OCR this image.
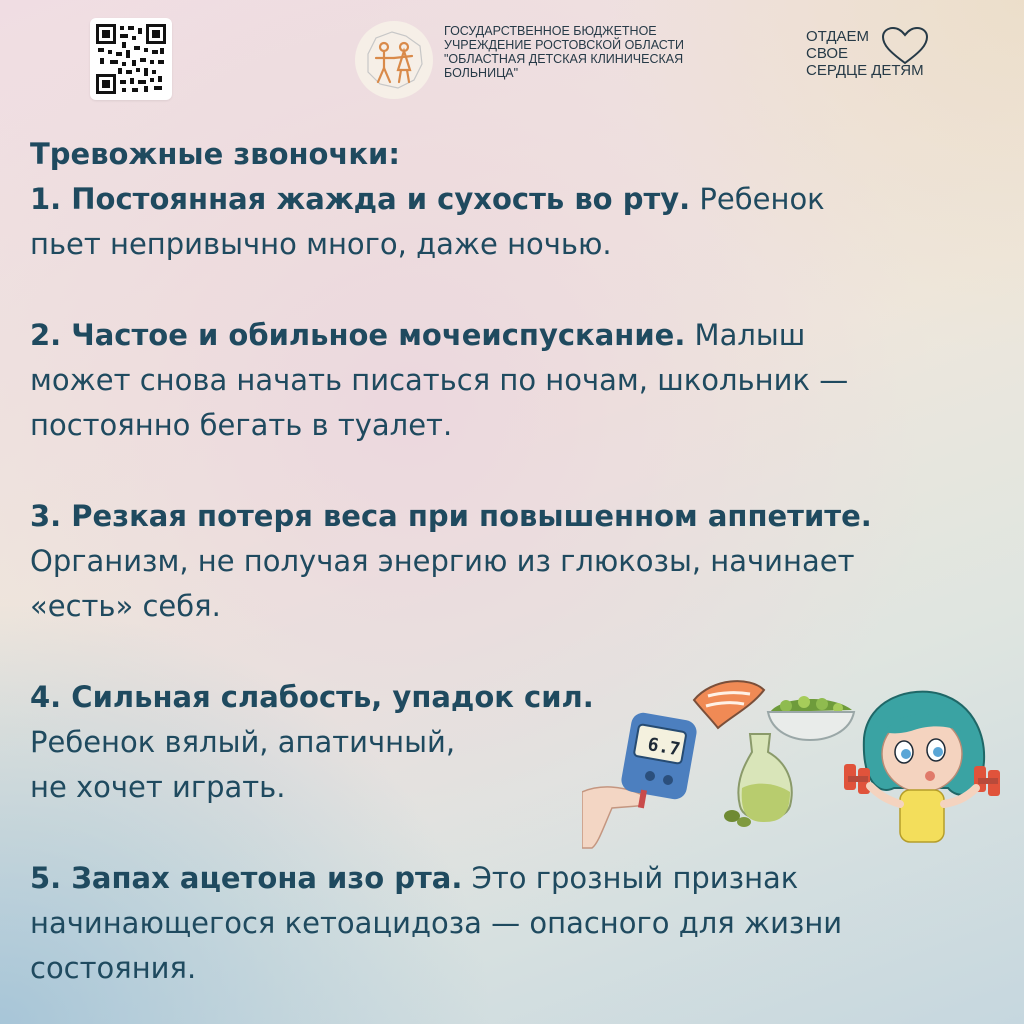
ГОСУДАРСТВЕННОЕ БЮДЖЕТНОЕ
УЧРЕЖДЕНИЕ РОСТОВСКОЙ ОБЛАСТИ
"ОБЛАСТНАЯ ДЕТСКАЯ КЛИНИЧЕСКАЯ
БОЛЬНИЦА"
ОТДАЕМ
СВОЕ
СЕРДЦЕ ДЕТЯМ

Тревожные звоночки:

1. Постоянная жажда и сухость во рту. Ребенок

пьет непривычно много, даже ночью.

2. Частое и обильное мочеиспускание. Малыш

может снова начать писаться по ночам, школьник —

постоянно бегать в туалет.

3. Резкая потеря веса при повышенном аппетите.

Организм, не получая энергию из глюкозы, начинает

«есть» себя.

4. Сильная слабость, упадок сил.

Ребенок вялый, апатичный,

не хочет играть.

5. Запах ацетона изо рта. Это грозный признак

начинающегося кетоацидоза — опасного для жизни

состояния.

6.7
